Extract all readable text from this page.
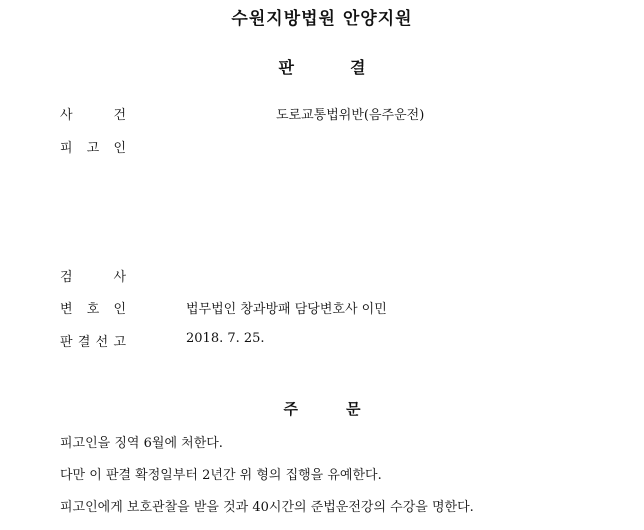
수원지방법원 안양지원
판	결
사	건	도로교통법위반(음주운전)
피 고 인
검	사
변 호 인	법무법인 창과방패 담당변호사 이민
판 결 선 고	2018. 7. 25.
주	문
피고인을 징역 6월에 처한다.
다만 이 판결 확정일부터 2년간 위 형의 집행을 유예한다.
피고인에게 보호관찰을 받을 것과 40시간의 준법운전강의 수강을 명한다.
